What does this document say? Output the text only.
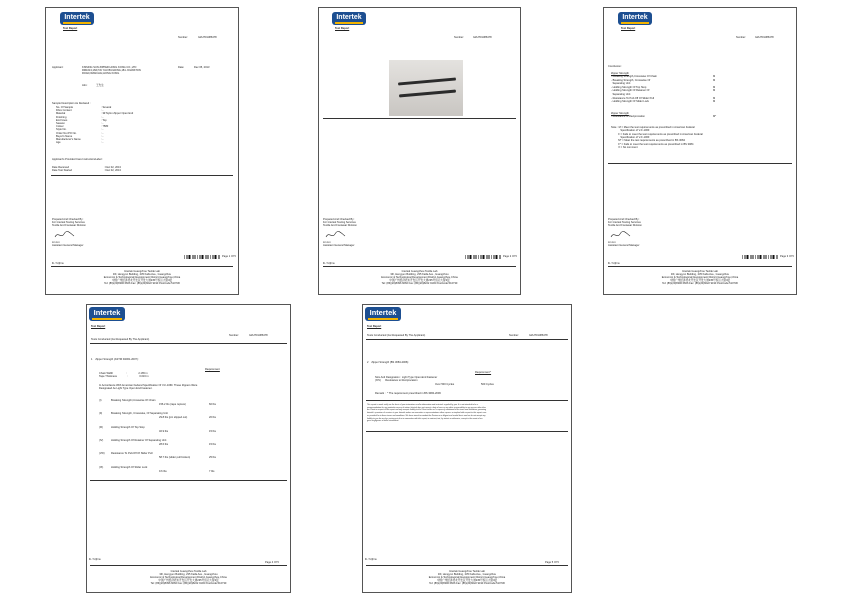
Intertek
Test Report
Number:	GZHT01386478
Applicant:	KISSING SUN ZIPPER HONG KONG CO.,LTD
RM1613,16/F,TAI YAU BUILDING,181 JOHNSTON
ROAD,WANCHAI,HONG KONG
Date:	Dec 05, 2013
Attn:	王先生
Sample Description As Declared :
Applicant's Provided Care Instruction/Label :
Date Received	: Dec 02, 2013
Date Test Started	: Dec 02, 2013
Prepared And Checked By:
For Intertek Testing Services
Textile And Footwear Division
Lin Lin
Assistant General Manager
Page 1 Of 5
lb / hzjfms
Intertek Guangzhou Textile Lab
3/F, Hengyun Building, 235 Kaifa Ave., Guangzhou
Economic & Technological Development District,Guangzhou,China
中国广州经济技术开发区开发大道235号恒运大厦3层
Tel: (86)(20)8396 6666 Fax: (86)(20)8222 9193 PostCode:510730
No. Of Sample	: Several
Fibre Content	: -
Material	: 3# Nylon Zipper Open End
Finishing	: -
End Uses	: Top
Season	: -
Colour	: 7580
Style No.	: -
Order No./PO No.	: -
Buyer's Name	: -
Manufacturer's Name	: -
Age	: -
Intertek
Test Report
Number:	GZHT01386478
Prepared And Checked By:
For Intertek Testing Services
Textile And Footwear Division
Lin Lin
Assistant General Manager
Page 2 Of 5
lb / hzjfms
Intertek Guangzhou Textile Lab
3/F, Hengyun Building, 235 Kaifa Ave., Guangzhou
Economic & Technological Development District,Guangzhou,China
中国广州经济技术开发区开发大道235号恒运大厦3层
Tel: (86)(20)8396 6666 Fax: (86)(20)8222 9193 PostCode:510730
Intertek
Test Report
Number:	GZHT01386478
Conclusion:
Zipper Strength
Zipper Strength
- Resistance to Reciprocation	M*
Prepared And Checked By:
For Intertek Testing Services
Textile And Footwear Division
Lin Lin
Assistant General Manager
Page 3 Of 5
lb / hzjfms
Intertek Guangzhou Textile Lab
3/F, Hengyun Building, 235 Kaifa Ave., Guangzhou
Economic & Technological Development District,Guangzhou,China
中国广州经济技术开发区开发大道235号恒运大厦3层
Tel: (86)(20)8396 6666 Fax: (86)(20)8222 9193 PostCode:510730
- Breaking Strength,Crosswise Of Chain	M
- Breaking Strength, Crosswise Of	M
Separating Unit
- Holding Strength Of Top Stop	M
- Holding Strength Of Retainer Of	M
Separating Unit
- Resistance To Pull-Off Of Slider Pull	M
- Holding Strength Of Slider Lock	M
Note : M = Meet the test requirements as prescribed in American Federal
Specification of V-F-106F
F = Fails to meet the test requirements as prescribed in American Federal
Specification of V-F-106F
M* = Meet the test requirements as prescribed in BS 3084
F* = Fails to meet the test requirements as prescribed in BS 3084
X = No comment
Intertek
Test Report
Number:	GZHT01386478
Tests Conducted (As Requested By The Applicant)
1    Zipper Strength (ASTM D2061-2007):
Requirement
Chain Width                  :                2.165 in
Tape Thickness              :                0.016 in
In Accordance With American Federal Specification Of V-F-106F. These Zippers Were
Designated As Light Type Open End Fastener.
lb / hzjfms
Page 4 Of 5
Intertek Guangzhou Textile Lab
3/F, Hengyun Building, 235 Kaifa Ave., Guangzhou
Economic & Technological Development District,Guangzhou,China
中国广州经济技术开发区开发大道235号恒运大厦3层
Tel: (86)(20)8396 6666 Fax: (86)(20)8222 9193 PostCode:510730
(I)	Breaking Strength,Crosswise Of Chain
156.2 lbs (tape rupture)	60 lbs
(II)	Breaking Strength, Crosswise, Of Separating Unit
29.8 lbs (pin slipped out)	20 lbs
(III)	Holding Strength Of Top Stop
46.9 lbs	15 lbs
(IV)	Holding Strength Of Retainer Of Separating Unit
28.6 lbs	15 lbs
(VIII) Resistance To Pull-Off Of Slider Pull
58.7 lbs (slider pull broken)	25 lbs
(IX)	Holding Strength Of Slider Lock
9.6 lbs	7 lbs
Intertek
Test Report
Tests Conducted (As Requested By The Applicant)	Number:	GZHT01386478
2    Zipper Strength (BS 3084-2006):
Requirement^
Size And Designation : Light Type Open-End Fastener
(XIV)      Resistance to Reciprocation
Over 500 Cycles	500 Cycles
Remark :  ^ The requirement prescribed in BS 3084-2006
lb / hzjfms
Page 5 Of 5
Intertek Guangzhou Textile Lab
3/F, Hengyun Building, 235 Kaifa Ave., Guangzhou
Economic & Technological Development District,Guangzhou,China
中国广州经济技术开发区开发大道235号恒运大厦3层
Tel: (86)(20)8396 6666 Fax: (86)(20)8222 9193 PostCode:510730
This report is made solely on the basis of your instructions and/or information and materials supplied by you. It is not intended to be a
recommendation for any particular course of action. Intertek does not accept a duty of care or any other responsibility to any person other than
the Client in respect of this report and only accepts liability to the Client insofar as is expressly contained in the terms and conditions governing
Intertek's provision of services to you. Intertek makes no warranties or representations either express or implied with respect to this report save
as provided for in those terms and conditions. We have aimed to conduct the Review on a diligent and careful basis and we do not accept any
liability to you for any loss arising out of or in connection with this report, in contract, tort, by statute or otherwise, except in the event of our
gross negligence or wilful misconduct.
